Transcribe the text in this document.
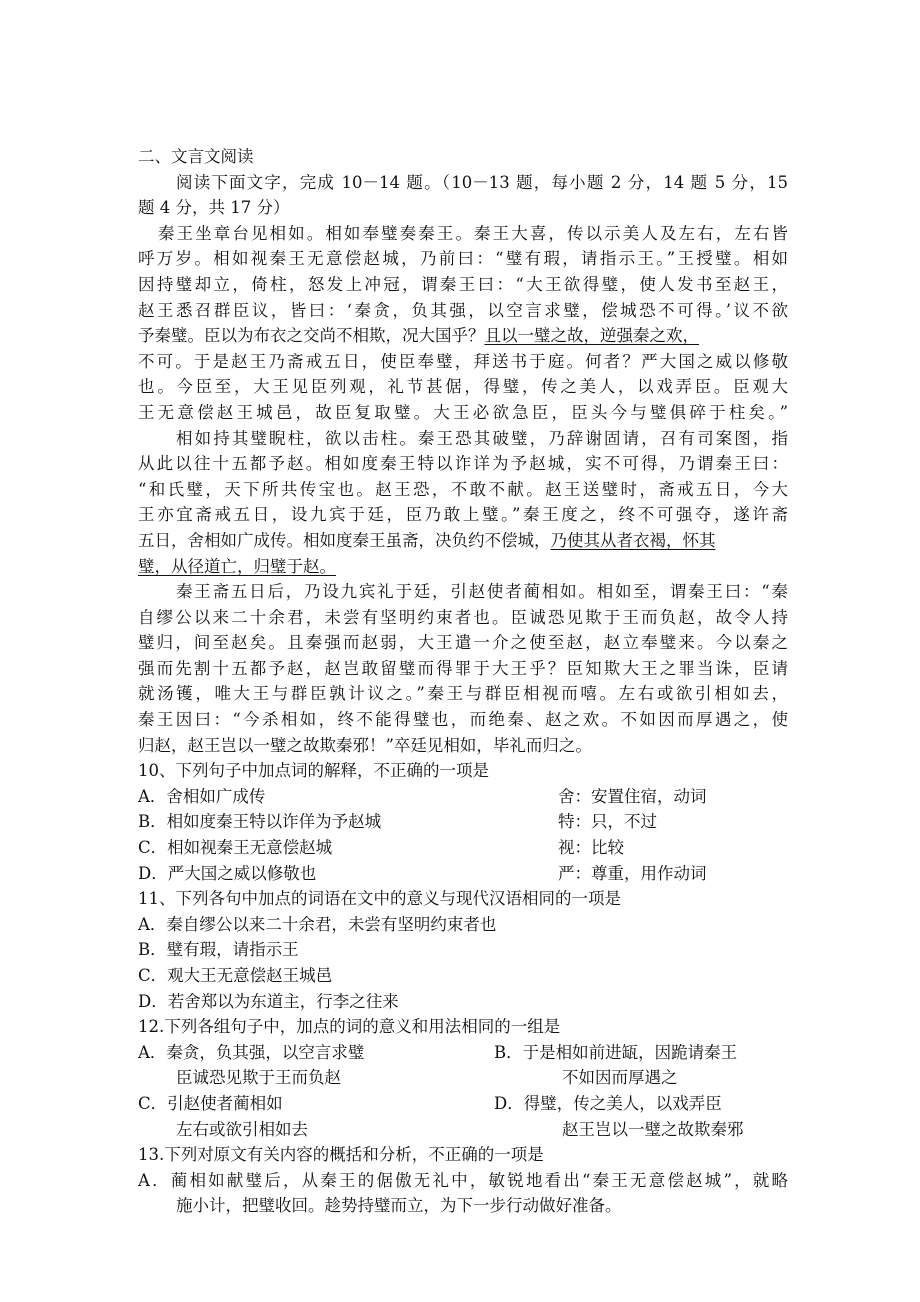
二、文言文阅读
阅读下面文字，完成 10－14 题。（10－13 题，每小题 2 分，14 题 5 分，15
题 4 分，共 17 分）
秦王坐章台见相如。相如奉璧奏秦王。秦王大喜，传以示美人及左右，左右皆
呼万岁。相如视秦王无意偿赵城，乃前曰：“璧有瑕，请指示王。”王授璧。相如
因持璧却立，倚柱，怒发上冲冠，谓秦王曰：“大王欲得璧，使人发书至赵王，
赵王悉召群臣议，皆曰：‘秦贪，负其强，以空言求璧，偿城恐不可得。’议不欲
予秦璧。臣以为布衣之交尚不相欺，况大国乎？且以一璧之故，逆强秦之欢，
不可。于是赵王乃斋戒五日，使臣奉璧，拜送书于庭。何者？严大国之威以修敬
也。今臣至，大王见臣列观，礼节甚倨，得璧，传之美人，以戏弄臣。臣观大
王无意偿赵王城邑，故臣复取璧。大王必欲急臣，臣头今与璧俱碎于柱矣。”
相如持其璧睨柱，欲以击柱。秦王恐其破璧，乃辞谢固请，召有司案图，指
从此以往十五都予赵。相如度秦王特以诈详为予赵城，实不可得，乃谓秦王曰：
“和氏璧，天下所共传宝也。赵王恐，不敢不献。赵王送璧时，斋戒五日，今大
王亦宜斋戒五日，设九宾于廷，臣乃敢上璧。”秦王度之，终不可强夺，遂许斋
五日，舍相如广成传。相如度秦王虽斋，决负约不偿城，乃使其从者衣褐，怀其
璧，从径道亡，归璧于赵。
秦王斋五日后，乃设九宾礼于廷，引赵使者蔺相如。相如至，谓秦王曰：“秦
自缪公以来二十余君，未尝有坚明约束者也。臣诚恐见欺于王而负赵，故令人持
璧归，间至赵矣。且秦强而赵弱，大王遣一介之使至赵，赵立奉璧来。今以秦之
强而先割十五都予赵，赵岂敢留璧而得罪于大王乎？臣知欺大王之罪当诛，臣请
就汤镬，唯大王与群臣孰计议之。”秦王与群臣相视而嘻。左右或欲引相如去，
秦王因曰：“今杀相如，终不能得璧也，而绝秦、赵之欢。不如因而厚遇之，使
归赵，赵王岂以一璧之故欺秦邪！”卒廷见相如，毕礼而归之。
10、下列句子中加点词的解释，不正确的一项是
A．舍相如广成传	舍：安置住宿，动词
B．相如度秦王特以诈佯为予赵城	特：只，不过
C．相如视秦王无意偿赵城	视：比较
D．严大国之威以修敬也	严：尊重，用作动词
11、下列各句中加点的词语在文中的意义与现代汉语相同的一项是
A．秦自缪公以来二十余君，未尝有坚明约束者也
B．璧有瑕，请指示王
C．观大王无意偿赵王城邑
D．若舍郑以为东道主，行李之往来
12.下列各组句子中，加点的词的意义和用法相同的一组是
A．秦贪，负其强，以空言求璧	B．于是相如前进缻，因跪请秦王
臣诚恐见欺于王而负赵	不如因而厚遇之
C．引赵使者蔺相如	D．得璧，传之美人，以戏弄臣
左右或欲引相如去	赵王岂以一璧之故欺秦邪
13.下列对原文有关内容的概括和分析，不正确的一项是
A．蔺相如献璧后，从秦王的倨傲无礼中，敏锐地看出“秦王无意偿赵城”，就略
施小计，把璧收回。趁势持璧而立，为下一步行动做好准备。
